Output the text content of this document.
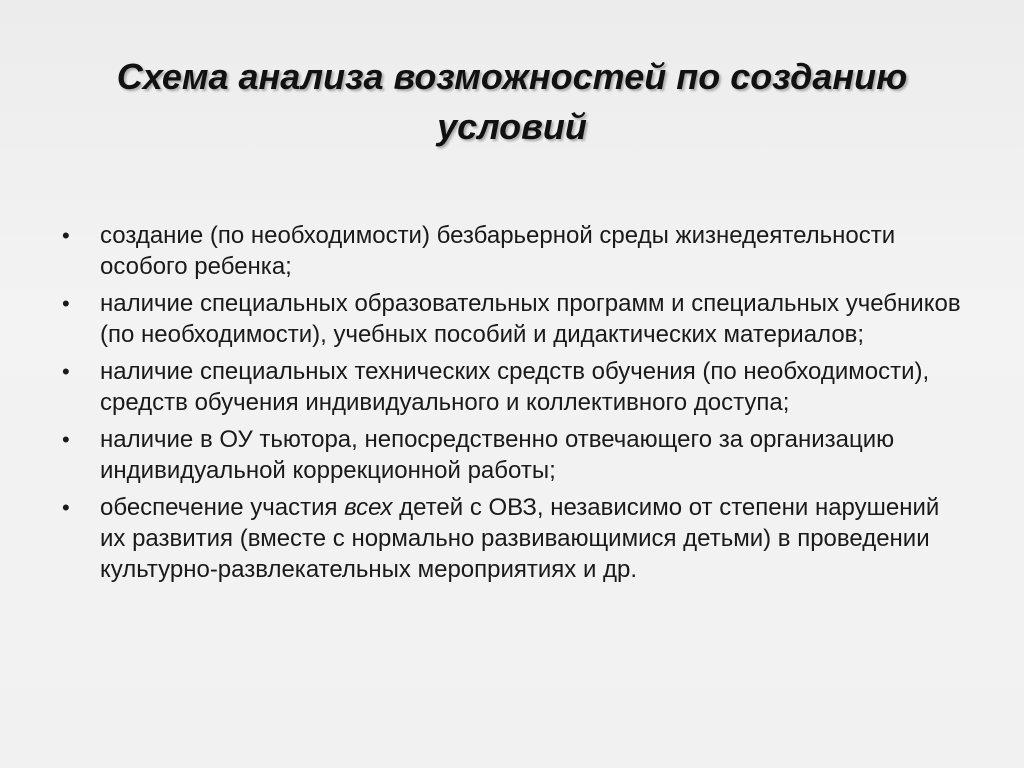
Схема анализа возможностей по созданию
условий
• создание (по необходимости) безбарьерной среды жизнедеятельности особого ребенка;
• наличие специальных образовательных программ и специальных учебников (по необходимости), учебных пособий и дидактических материалов;
• наличие специальных технических средств обучения (по необходимости), средств обучения индивидуального и коллективного доступа;
• наличие в ОУ тьютора, непосредственно отвечающего за организацию индивидуальной коррекционной работы;
• обеспечение участия всех детей с ОВЗ, независимо от степени нарушений их развития (вместе с нормально развивающимися детьми) в проведении культурно-развлекательных мероприятиях и др.
